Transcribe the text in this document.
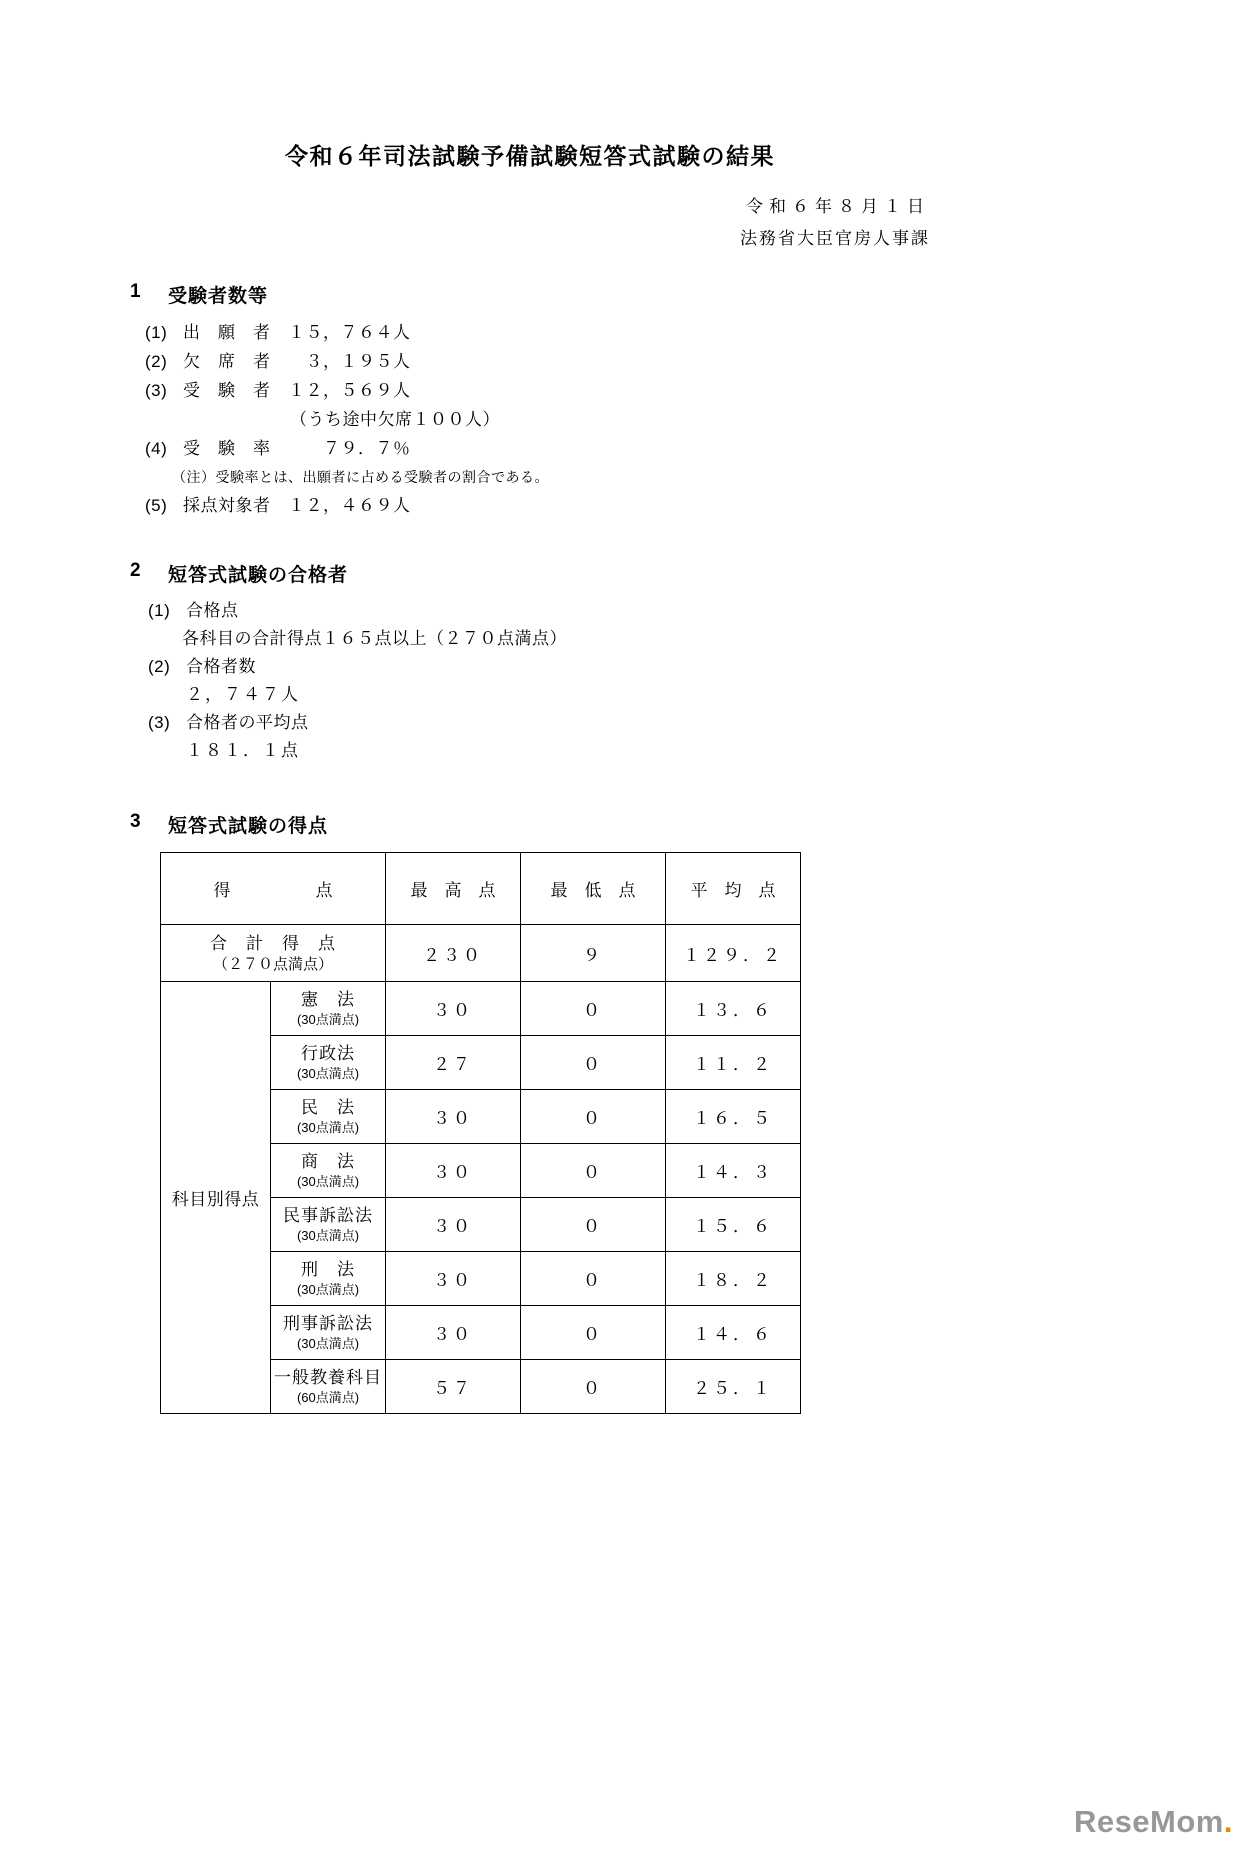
令和６年司法試験予備試験短答式試験の結果
令和６年８月１日
法務省大臣官房人事課
1	受験者数等
(1) 出　願　者　１５，７６４人
(2) 欠　席　者　　３，１９５人
(3) 受　験　者　１２，５６９人
（うち途中欠席１００人）
(4) 受　験　率　　　７９．７％
（注）受験率とは、出願者に占める受験者の割合である。
(5) 採点対象者　１２，４６９人
2	短答式試験の合格者
(1) 合格点
各科目の合計得点１６５点以上（２７０点満点）
(2) 合格者数
２，７４７人
(3) 合格者の平均点
１８１．１点
3	短答式試験の得点
得　　　　　点		最　高　点	最　低　点	平　均　点

合　計　得　点
（２７０点満点）		２３０	９	１２９．２
科目別得点	憲　法
(30点満点)	３０	０	１３．６

	行政法
(30点満点)	２７	０	１１．２

	民　法
(30点満点)	３０	０	１６．５

	商　法
(30点満点)	３０	０	１４．３

	民事訴訟法
(30点満点)	３０	０	１５．６

	刑　法
(30点満点)	３０	０	１８．２

	刑事訴訟法
(30点満点)	３０	０	１４．６

	一般教養科目
(60点満点)	５７	０	２５．１
ReseMom.
